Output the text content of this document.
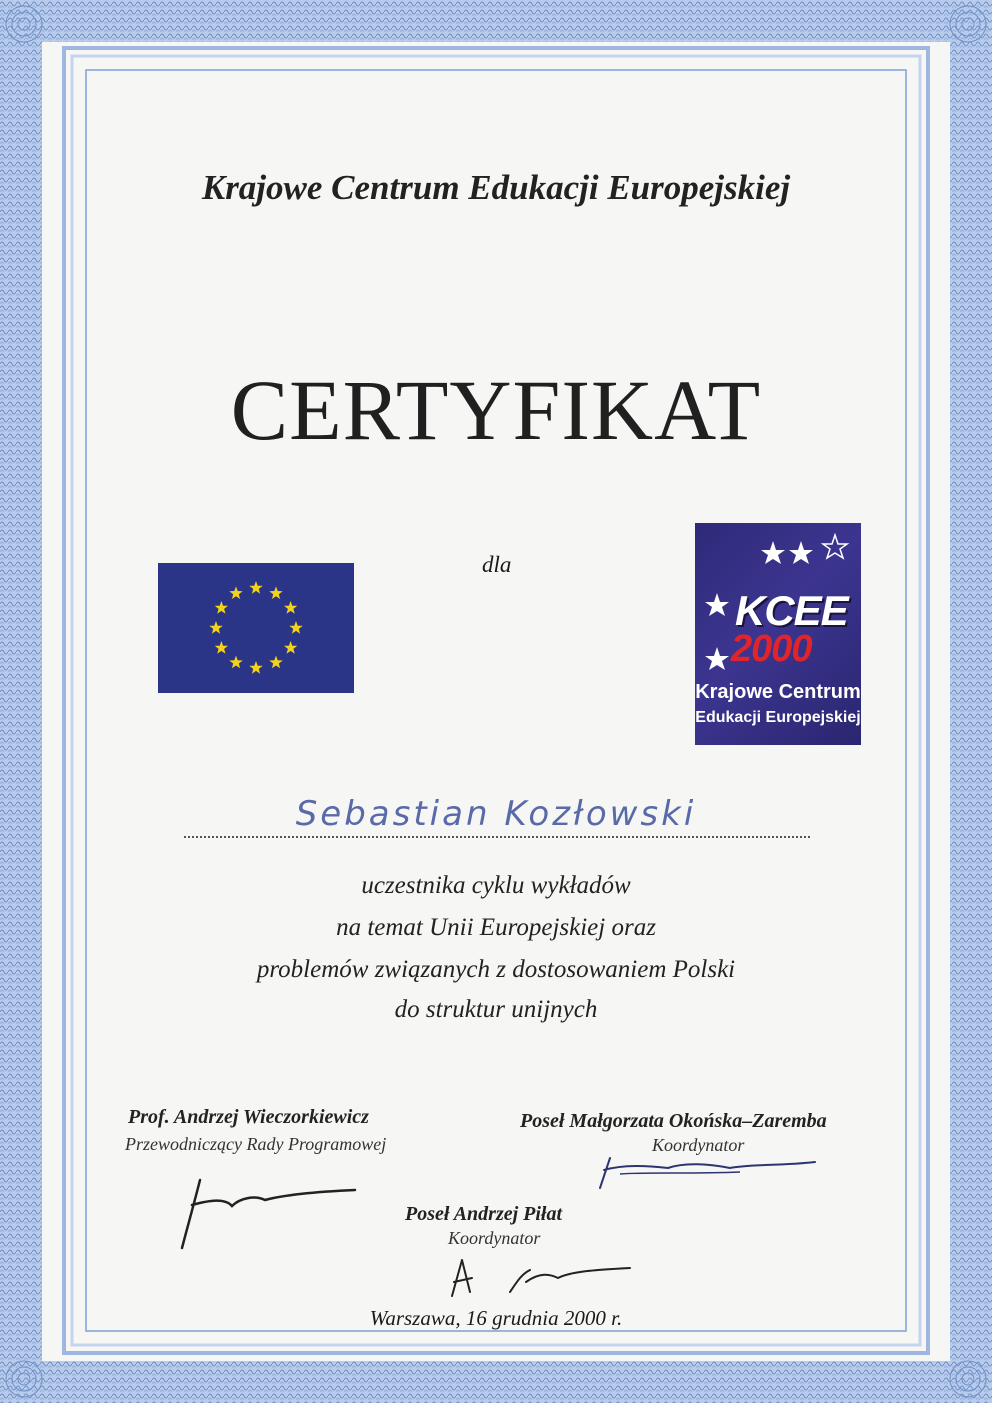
Krajowe Centrum Edukacji Europejskiej
CERTYFIKAT
dla
KCEE
2000
Krajowe Centrum
Edukacji Europejskiej
Sebastian Kozłowski
uczestnika cyklu wykładów
na temat Unii Europejskiej oraz
problemów związanych z dostosowaniem Polski
do struktur unijnych
Prof. Andrzej Wieczorkiewicz
Przewodniczący Rady Programowej
Poseł Małgorzata Okońska–Zaremba
Koordynator
Poseł Andrzej Piłat
Koordynator
Warszawa, 16 grudnia 2000 r.
